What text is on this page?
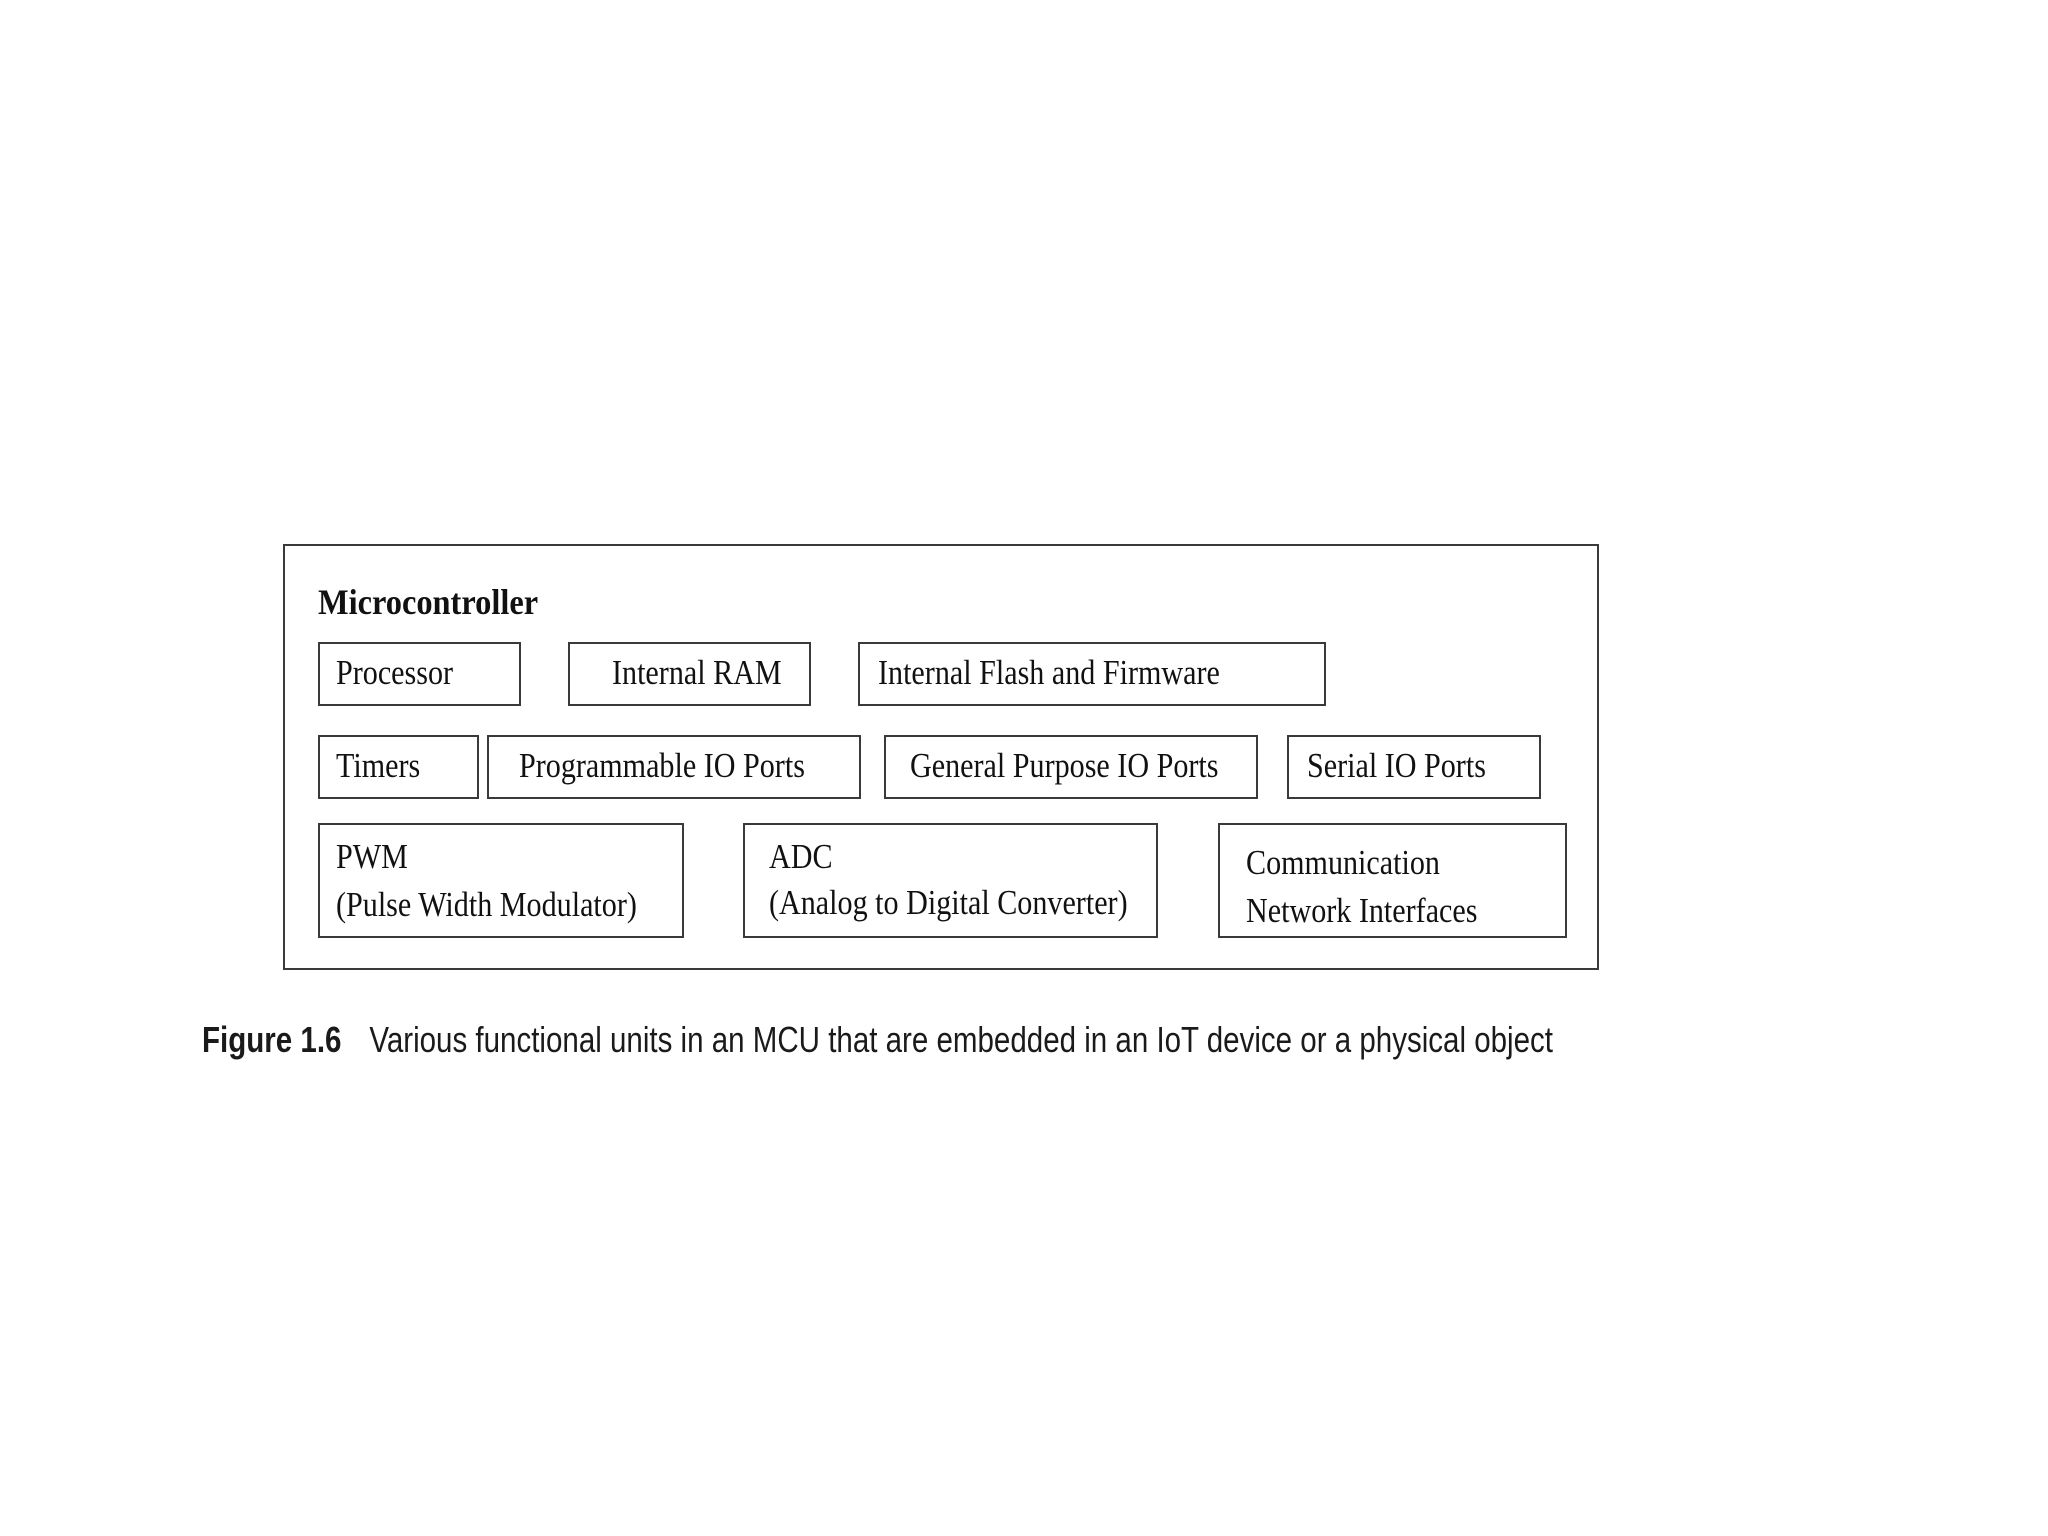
Microcontroller
Processor	Internal RAM	Internal Flash and Firmware
Timers	Programmable IO Ports	General Purpose IO Ports	Serial IO Ports
PWM
(Pulse Width Modulator)
ADC
(Analog to Digital Converter)
Communication
Network Interfaces
Figure 1.6 Various functional units in an MCU that are embedded in an IoT device or a physical object
